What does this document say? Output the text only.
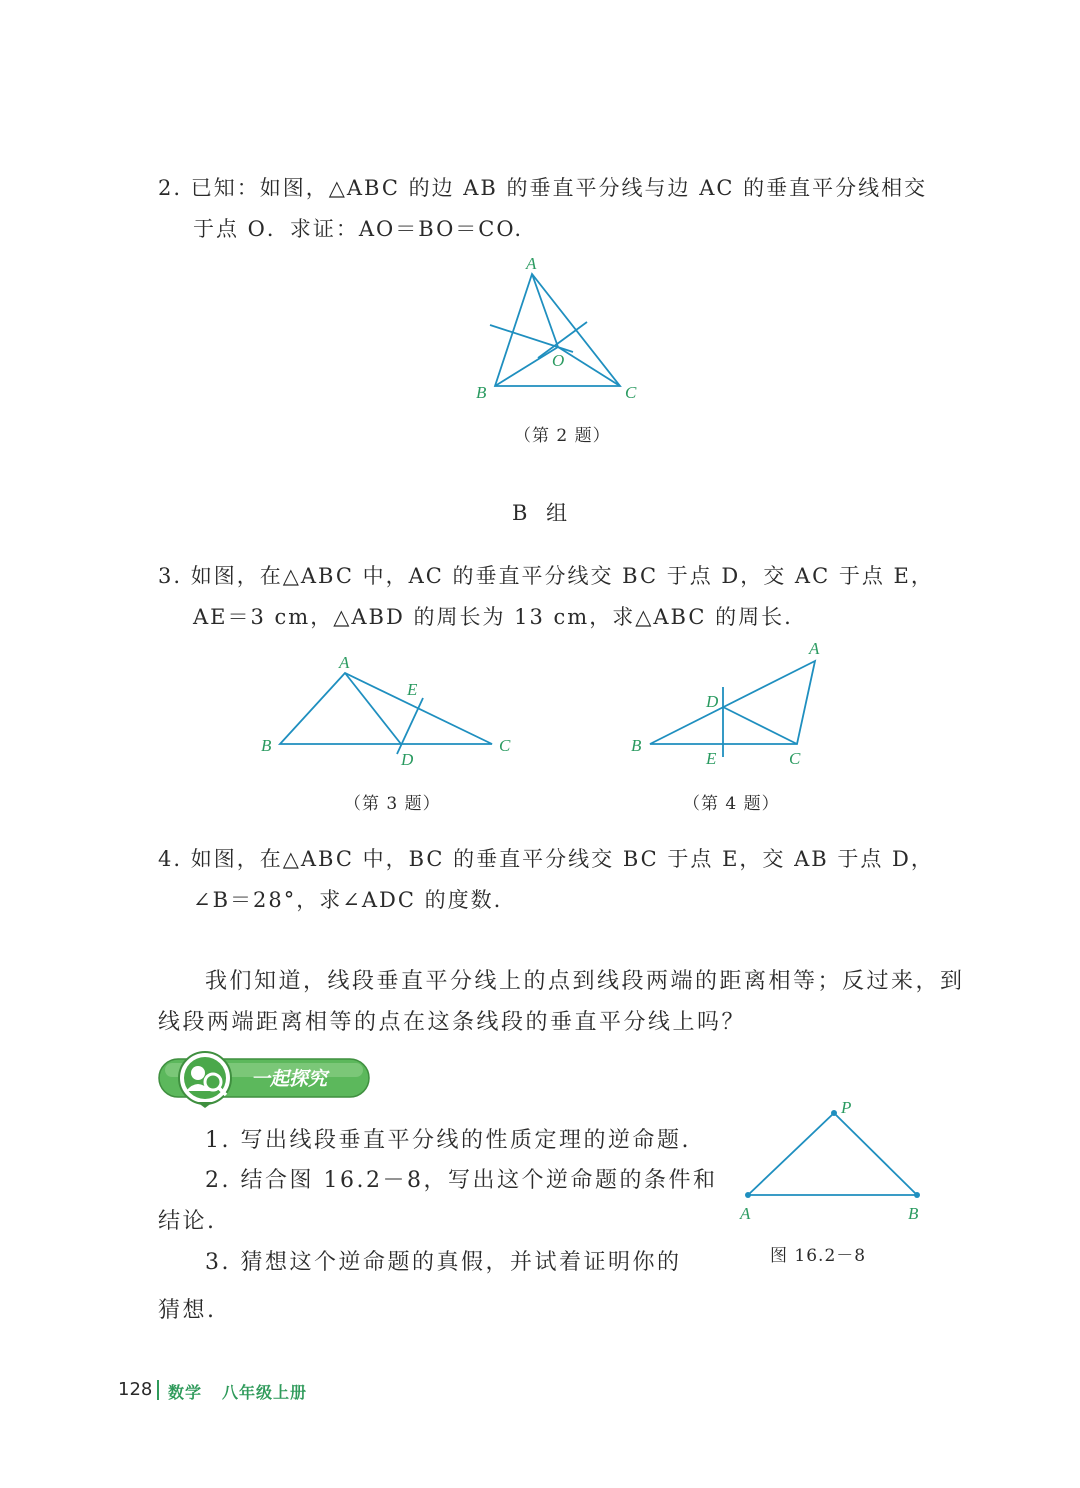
2. 已知：如图，△ABC 的边 AB 的垂直平分线与边 AC 的垂直平分线相交
于点 O．求证：AO＝BO＝CO.
A
B	C
O
（第 2 题）
B 组
3. 如图，在△ABC 中，AC 的垂直平分线交 BC 于点 D，交 AC 于点 E，
AE＝3 cm，△ABD 的周长为 13 cm，求△ABC 的周长.
A
B	C
D
E
（第 3 题）
A
B
C
D
E
（第 4 题）
4. 如图，在△ABC 中，BC 的垂直平分线交 BC 于点 E，交 AB 于点 D，
∠B＝28°，求∠ADC 的度数.
我们知道，线段垂直平分线上的点到线段两端的距离相等；反过来，到
线段两端距离相等的点在这条线段的垂直平分线上吗？
一起探究
1. 写出线段垂直平分线的性质定理的逆命题.
2. 结合图 16.2－8，写出这个逆命题的条件和
结论.
3. 猜想这个逆命题的真假，并试着证明你的
猜想.
P
A	B
图 16.2－8
128 数学 八年级上册
